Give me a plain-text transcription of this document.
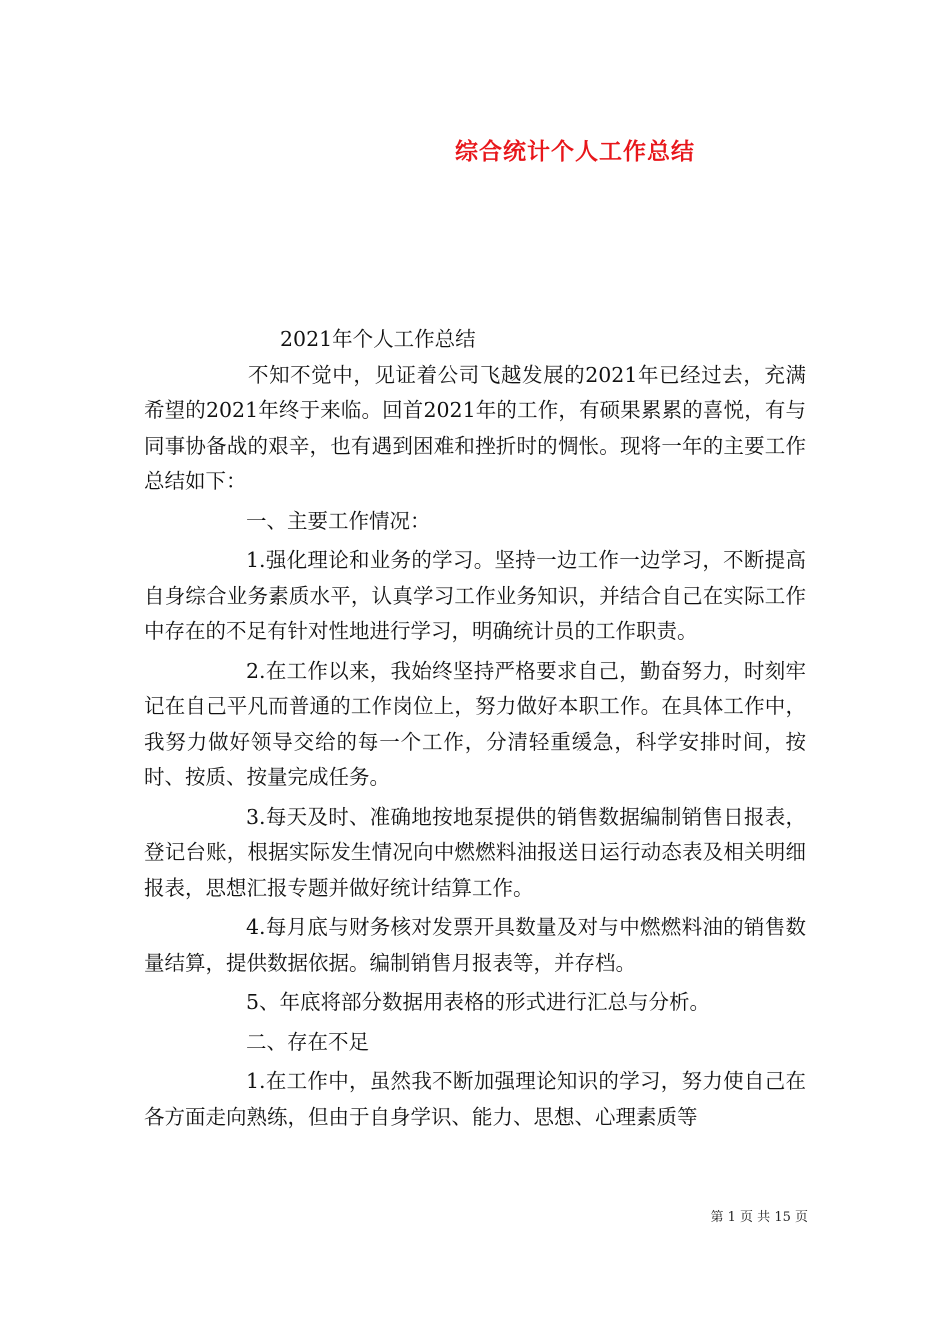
综合统计个人工作总结

2021年个人工作总结

不知不觉中，见证着公司飞越发展的2021年已经过去，充满希望的2021年终于来临。回首2021年的工作，有硕果累累的喜悦，有与同事协备战的艰辛，也有遇到困难和挫折时的惆怅。现将一年的主要工作总结如下：

一、主要工作情况：

1.强化理论和业务的学习。坚持一边工作一边学习，不断提高自身综合业务素质水平，认真学习工作业务知识，并结合自己在实际工作中存在的不足有针对性地进行学习，明确统计员的工作职责。

2.在工作以来，我始终坚持严格要求自己，勤奋努力，时刻牢记在自己平凡而普通的工作岗位上，努力做好本职工作。在具体工作中，我努力做好领导交给的每一个工作，分清轻重缓急，科学安排时间，按时、按质、按量完成任务。

3.每天及时、准确地按地泵提供的销售数据编制销售日报表，登记台账，根据实际发生情况向中燃燃料油报送日运行动态表及相关明细报表，思想汇报专题并做好统计结算工作。

4.每月底与财务核对发票开具数量及对与中燃燃料油的销售数量结算，提供数据依据。编制销售月报表等，并存档。

5、年底将部分数据用表格的形式进行汇总与分析。

二、存在不足

1.在工作中，虽然我不断加强理论知识的学习，努力使自己在各方面走向熟练，但由于自身学识、能力、思想、心理素质等

第 1 页 共 15 页
